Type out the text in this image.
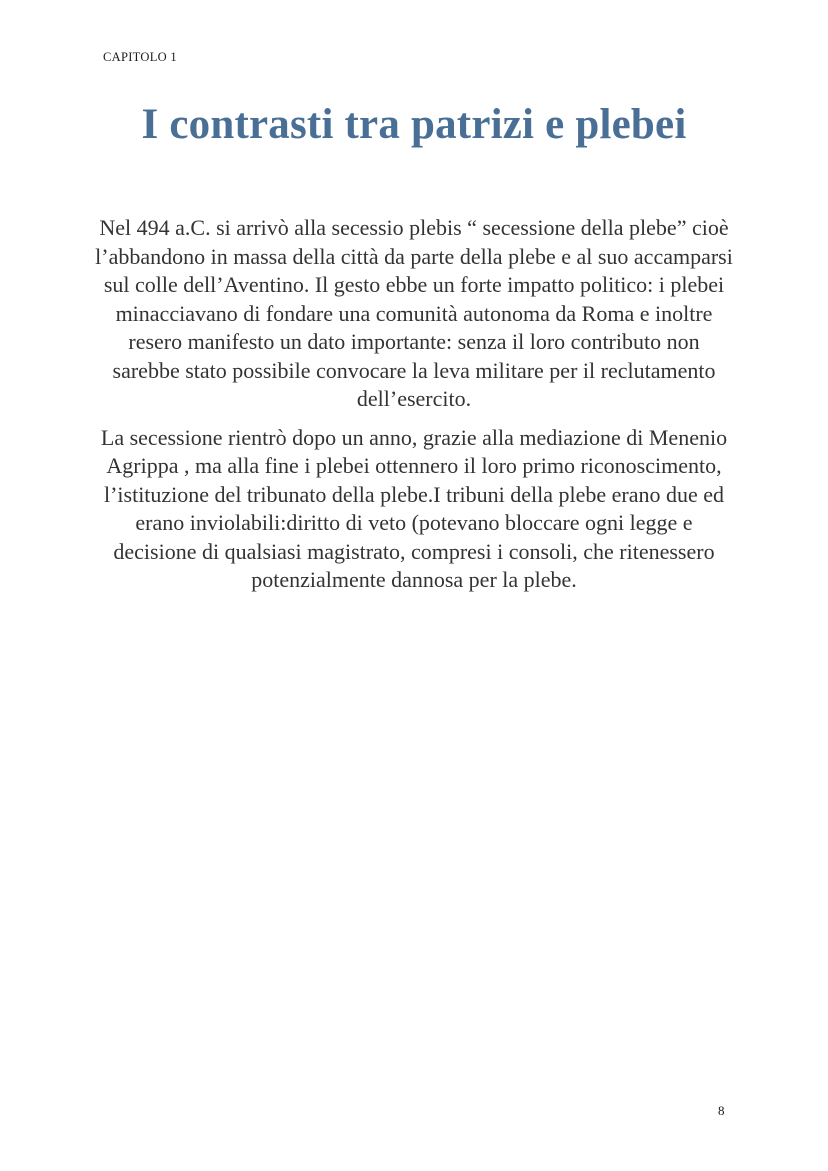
CAPITOLO 1
I contrasti tra patrizi e plebei

Nel 494 a.C. si arrivò alla secessio plebis “ secessione della plebe” cioè l’abbandono in massa della città da parte della plebe e al suo accamparsi sul colle dell’Aventino. Il gesto ebbe un forte impatto politico: i plebei minacciavano di fondare una comunità autonoma da Roma e inoltre resero manifesto un dato importante: senza il loro contributo non sarebbe stato possibile convocare la leva militare per il reclutamento dell’esercito.

La secessione rientrò dopo un anno, grazie alla mediazione di Menenio Agrippa , ma alla fine i plebei ottennero il loro primo riconoscimento, l’istituzione del tribunato della plebe.I tribuni della plebe erano due ed erano inviolabili:diritto di veto (potevano bloccare ogni legge e decisione di qualsiasi magistrato, compresi i consoli, che ritenessero potenzialmente dannosa per la plebe.

8
